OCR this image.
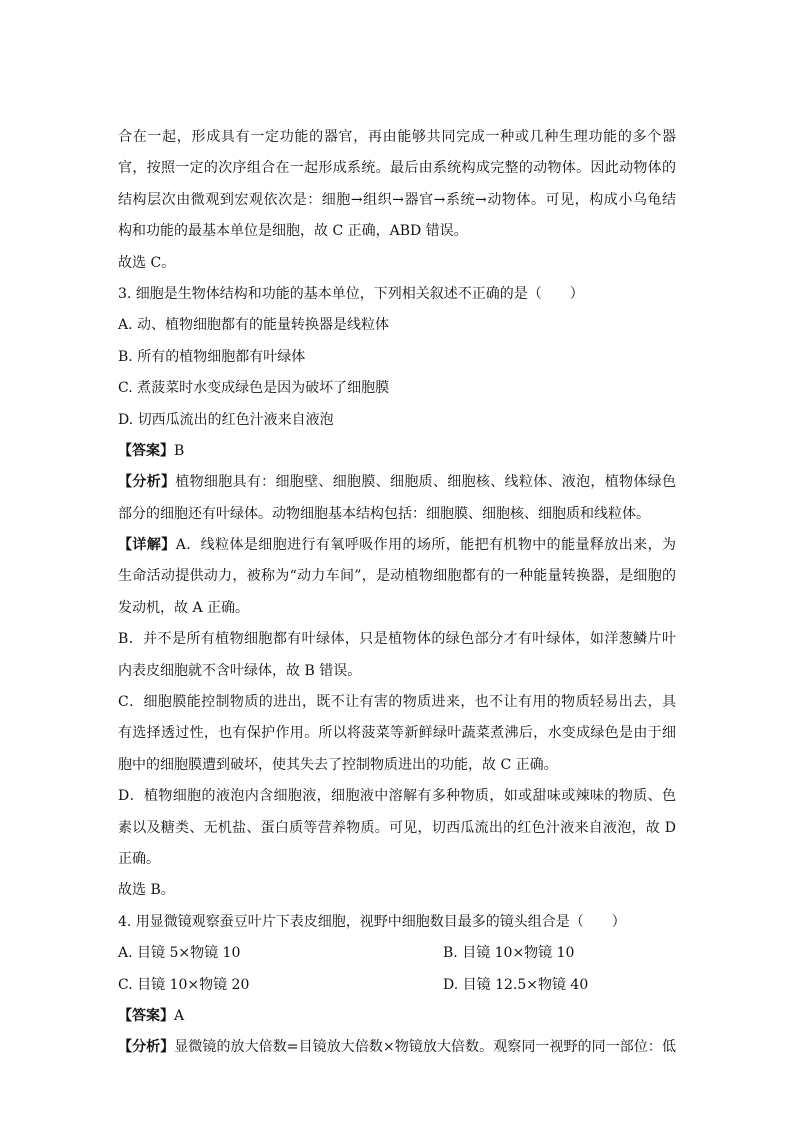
合在一起，形成具有一定功能的器官，再由能够共同完成一种或几种生理功能的多个器
官，按照一定的次序组合在一起形成系统。最后由系统构成完整的动物体。因此动物体的
结构层次由微观到宏观依次是：细胞→组织→器官→系统→动物体。可见，构成小乌龟结
构和功能的最基本单位是细胞，故 C 正确，ABD 错误。
故选 C。
3. 细胞是生物体结构和功能的基本单位，下列相关叙述不正确的是（　　）
A. 动、植物细胞都有的能量转换器是线粒体
B. 所有的植物细胞都有叶绿体
C. 煮菠菜时水变成绿色是因为破坏了细胞膜
D. 切西瓜流出的红色汁液来自液泡
【答案】B
【分析】植物细胞具有：细胞壁、细胞膜、细胞质、细胞核、线粒体、液泡，植物体绿色
部分的细胞还有叶绿体。动物细胞基本结构包括：细胞膜、细胞核、细胞质和线粒体。
【详解】A．线粒体是细胞进行有氧呼吸作用的场所，能把有机物中的能量释放出来，为
生命活动提供动力，被称为“动力车间”，是动植物细胞都有的一种能量转换器，是细胞的
发动机，故 A 正确。
B．并不是所有植物细胞都有叶绿体，只是植物体的绿色部分才有叶绿体，如洋葱鳞片叶
内表皮细胞就不含叶绿体，故 B 错误。
C．细胞膜能控制物质的进出，既不让有害的物质进来，也不让有用的物质轻易出去，具
有选择透过性，也有保护作用。所以将菠菜等新鲜绿叶蔬菜煮沸后，水变成绿色是由于细
胞中的细胞膜遭到破坏，使其失去了控制物质进出的功能，故 C 正确。
D．植物细胞的液泡内含细胞液，细胞液中溶解有多种物质，如或甜味或辣味的物质、色
素以及糖类、无机盐、蛋白质等营养物质。可见，切西瓜流出的红色汁液来自液泡，故 D
正确。
故选 B。
4. 用显微镜观察蚕豆叶片下表皮细胞，视野中细胞数目最多的镜头组合是（　　）
A. 目镜 5×物镜 10	B. 目镜 10×物镜 10
C. 目镜 10×物镜 20	D. 目镜 12.5×物镜 40
【答案】A
【分析】显微镜的放大倍数=目镜放大倍数×物镜放大倍数。观察同一视野的同一部位：低
